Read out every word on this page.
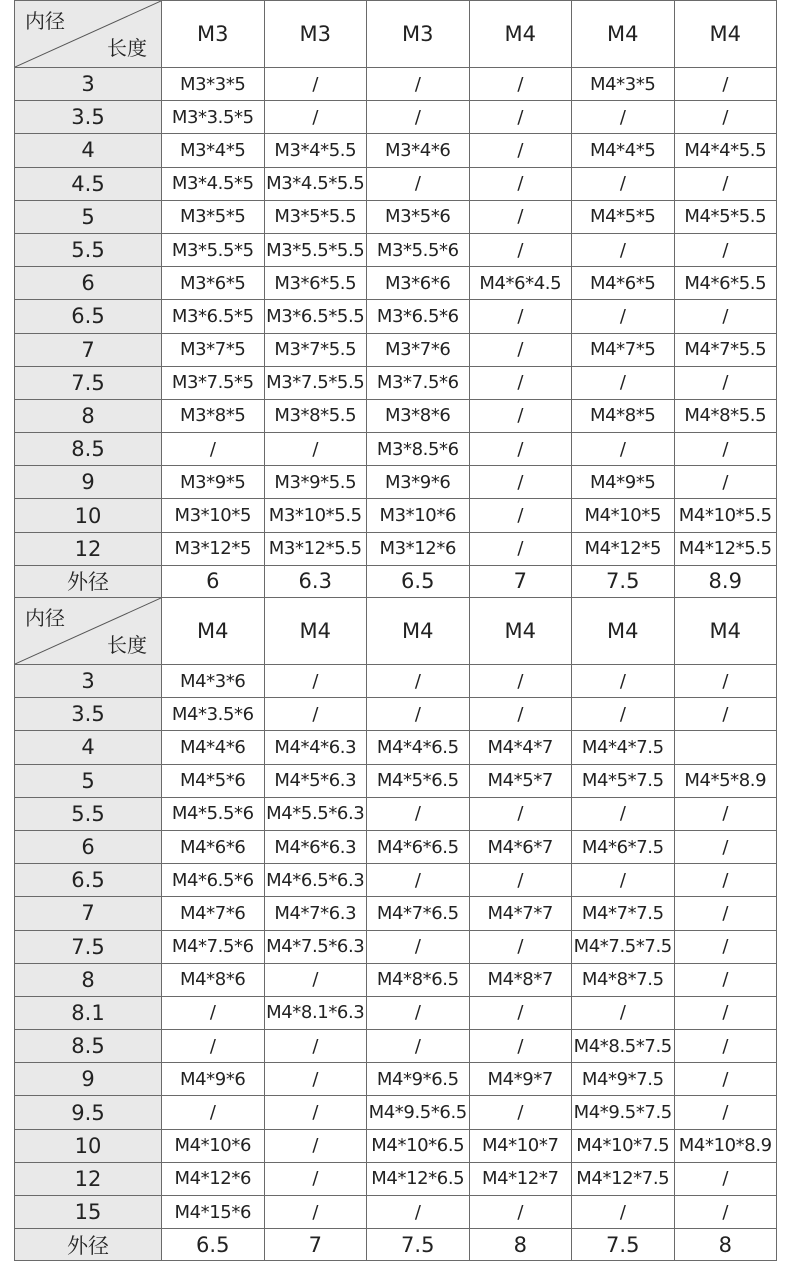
内径
长度	M3	M3	M3	M4	M4	M4
3	M3*3*5	/	/	/	M4*3*5	/
3.5	M3*3.5*5	/	/	/	/	/
4	M3*4*5	M3*4*5.5	M3*4*6	/	M4*4*5	M4*4*5.5
4.5	M3*4.5*5	M3*4.5*5.5	/	/	/	/
5	M3*5*5	M3*5*5.5	M3*5*6	/	M4*5*5	M4*5*5.5
5.5	M3*5.5*5	M3*5.5*5.5	M3*5.5*6	/	/	/
6	M3*6*5	M3*6*5.5	M3*6*6	M4*6*4.5	M4*6*5	M4*6*5.5
6.5	M3*6.5*5	M3*6.5*5.5	M3*6.5*6	/	/	/
7	M3*7*5	M3*7*5.5	M3*7*6	/	M4*7*5	M4*7*5.5
7.5	M3*7.5*5	M3*7.5*5.5	M3*7.5*6	/	/	/
8	M3*8*5	M3*8*5.5	M3*8*6	/	M4*8*5	M4*8*5.5
8.5	/	/	M3*8.5*6	/	/	/
9	M3*9*5	M3*9*5.5	M3*9*6	/	M4*9*5	/
10	M3*10*5	M3*10*5.5	M3*10*6	/	M4*10*5	M4*10*5.5
12	M3*12*5	M3*12*5.5	M3*12*6	/	M4*12*5	M4*12*5.5
外径	6	6.3	6.5	7	7.5	8.9
内径
长度	M4	M4	M4	M4	M4	M4
3	M4*3*6	/	/	/	/	/
3.5	M4*3.5*6	/	/	/	/	/
4	M4*4*6	M4*4*6.3	M4*4*6.5	M4*4*7	M4*4*7.5	
5	M4*5*6	M4*5*6.3	M4*5*6.5	M4*5*7	M4*5*7.5	M4*5*8.9
5.5	M4*5.5*6	M4*5.5*6.3	/	/	/	/
6	M4*6*6	M4*6*6.3	M4*6*6.5	M4*6*7	M4*6*7.5	/
6.5	M4*6.5*6	M4*6.5*6.3	/	/	/	/
7	M4*7*6	M4*7*6.3	M4*7*6.5	M4*7*7	M4*7*7.5	/
7.5	M4*7.5*6	M4*7.5*6.3	/	/	M4*7.5*7.5	/
8	M4*8*6	/	M4*8*6.5	M4*8*7	M4*8*7.5	/
8.1	/	M4*8.1*6.3	/	/	/	/
8.5	/	/	/	/	M4*8.5*7.5	/
9	M4*9*6	/	M4*9*6.5	M4*9*7	M4*9*7.5	/
9.5	/	/	M4*9.5*6.5	/	M4*9.5*7.5	/
10	M4*10*6	/	M4*10*6.5	M4*10*7	M4*10*7.5	M4*10*8.9
12	M4*12*6	/	M4*12*6.5	M4*12*7	M4*12*7.5	/
15	M4*15*6	/	/	/	/	/
外径	6.5	7	7.5	8	7.5	8
